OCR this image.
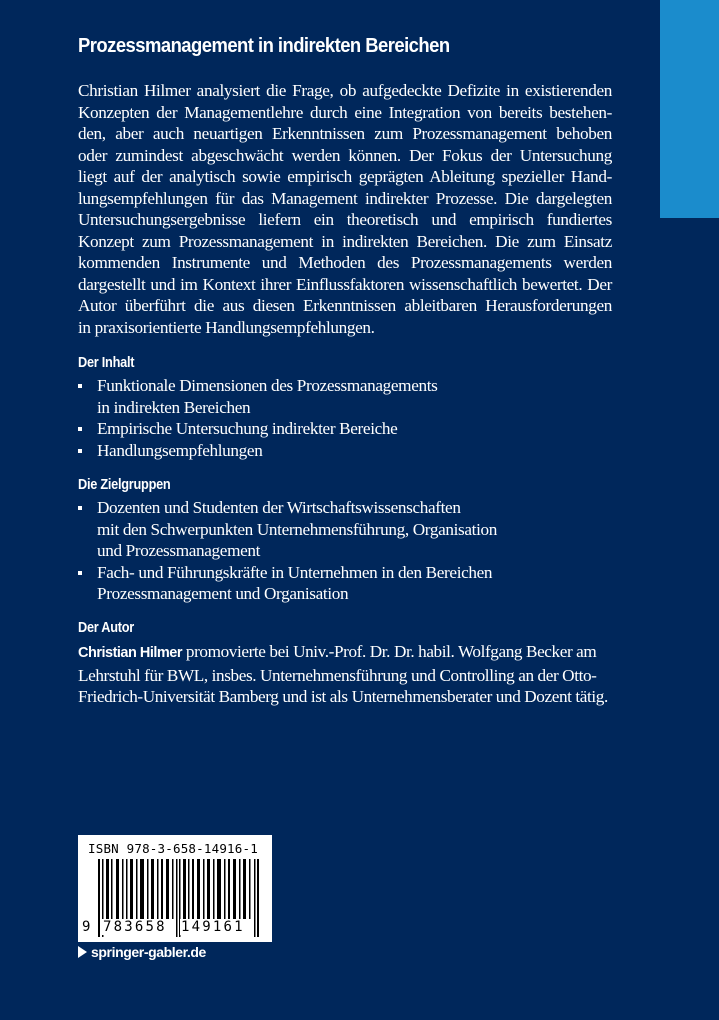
Prozessmanagement in indirekten Bereichen
Christian Hilmer analysiert die Frage, ob aufgedeckte Defizite in existierenden
Konzepten der Managementlehre durch eine Integration von bereits bestehen-
den, aber auch neuartigen Erkenntnissen zum Prozessmanagement behoben
oder zumindest abgeschwächt werden können. Der Fokus der Untersuchung
liegt auf der analytisch sowie empirisch geprägten Ableitung spezieller Hand-
lungsempfehlungen für das Management indirekter Prozesse. Die dargelegten
Untersuchungsergebnisse liefern ein theoretisch und empirisch fundiertes
Konzept zum Prozessmanagement in indirekten Bereichen. Die zum Einsatz
kommenden Instrumente und Methoden des Prozessmanagements werden
dargestellt und im Kontext ihrer Einflussfaktoren wissenschaftlich bewertet. Der
Autor überführt die aus diesen Erkenntnissen ableitbaren Herausforderungen
in praxisorientierte Handlungsempfehlungen.
Der Inhalt
Funktionale Dimensionen des Prozessmanagements
in indirekten Bereichen
Empirische Untersuchung indirekter Bereiche
Handlungsempfehlungen
Die Zielgruppen
Dozenten und Studenten der Wirtschaftswissenschaften
mit den Schwerpunkten Unternehmensführung, Organisation
und Prozessmanagement
Fach- und Führungskräfte in Unternehmen in den Bereichen
Prozessmanagement und Organisation
Der Autor
Christian Hilmer promovierte bei Univ.-Prof. Dr. Dr. habil. Wolfgang Becker am
Lehrstuhl für BWL, insbes. Unternehmensführung und Controlling an der Otto-
Friedrich-Universität Bamberg und ist als Unternehmensberater und Dozent tätig.
ISBN 978-3-658-14916-1
9 783658 149161
springer-gabler.de
